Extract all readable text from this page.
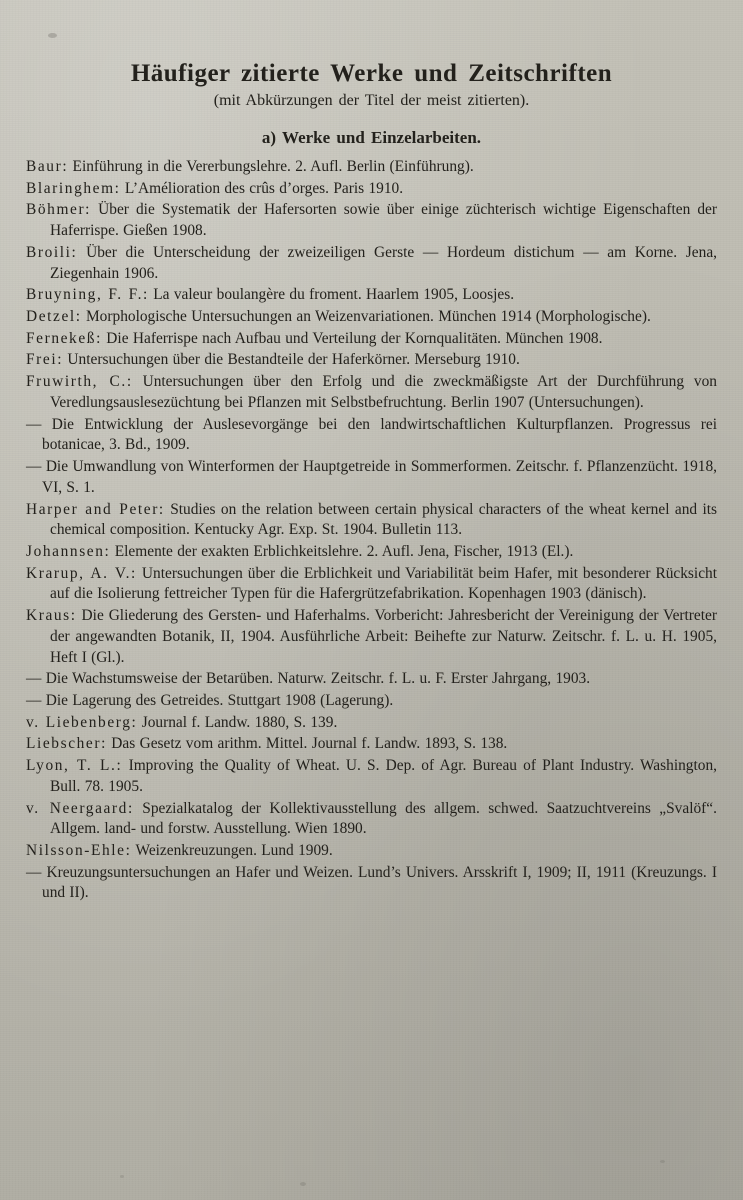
Häufiger zitierte Werke und Zeitschriften
(mit Abkürzungen der Titel der meist zitierten).
a) Werke und Einzelarbeiten.

Baur: Einführung in die Vererbungslehre. 2. Aufl. Berlin (Einführung).

Blaringhem: L’Amélioration des crûs d’orges. Paris 1910.

Böhmer: Über die Systematik der Hafersorten sowie über einige züchterisch wichtige Eigenschaften der Haferrispe. Gießen 1908.

Broili: Über die Unterscheidung der zweizeiligen Gerste — Hordeum distichum — am Korne. Jena, Ziegenhain 1906.

Bruyning, F. F.: La valeur boulangère du froment. Haarlem 1905, Loosjes.

Detzel: Morphologische Untersuchungen an Weizenvariationen. München 1914 (Morphologische).

Fernekeß: Die Haferrispe nach Aufbau und Verteilung der Kornqualitäten. München 1908.

Frei: Untersuchungen über die Bestandteile der Haferkörner. Merseburg 1910.

Fruwirth, C.: Untersuchungen über den Erfolg und die zweckmäßigste Art der Durchführung von Veredlungsauslesezüchtung bei Pflanzen mit Selbstbefruchtung. Berlin 1907 (Untersuchungen).

— Die Entwicklung der Auslesevorgänge bei den landwirtschaftlichen Kulturpflanzen. Progressus rei botanicae, 3. Bd., 1909.

— Die Umwandlung von Winterformen der Hauptgetreide in Sommerformen. Zeitschr. f. Pflanzenzücht. 1918, VI, S. 1.

Harper and Peter: Studies on the relation between certain physical characters of the wheat kernel and its chemical composition. Kentucky Agr. Exp. St. 1904. Bulletin 113.

Johannsen: Elemente der exakten Erblichkeitslehre. 2. Aufl. Jena, Fischer, 1913 (El.).

Krarup, A. V.: Untersuchungen über die Erblichkeit und Variabilität beim Hafer, mit besonderer Rücksicht auf die Isolierung fettreicher Typen für die Hafergrützefabrikation. Kopenhagen 1903 (dänisch).

Kraus: Die Gliederung des Gersten- und Haferhalms. Vorbericht: Jahresbericht der Vereinigung der Vertreter der angewandten Botanik, II, 1904. Ausführliche Arbeit: Beihefte zur Naturw. Zeitschr. f. L. u. H. 1905, Heft I (Gl.).

— Die Wachstumsweise der Betarüben. Naturw. Zeitschr. f. L. u. F. Erster Jahrgang, 1903.

— Die Lagerung des Getreides. Stuttgart 1908 (Lagerung).

v. Liebenberg: Journal f. Landw. 1880, S. 139.

Liebscher: Das Gesetz vom arithm. Mittel. Journal f. Landw. 1893, S. 138.

Lyon, T. L.: Improving the Quality of Wheat. U. S. Dep. of Agr. Bureau of Plant Industry. Washington, Bull. 78. 1905.

v. Neergaard: Spezialkatalog der Kollektivausstellung des allgem. schwed. Saatzuchtvereins „Svalöf“. Allgem. land- und forstw. Ausstellung. Wien 1890.

Nilsson-Ehle: Weizenkreuzungen. Lund 1909.

— Kreuzungsuntersuchungen an Hafer und Weizen. Lund’s Univers. Arsskrift I, 1909; II, 1911 (Kreuzungs. I und II).
